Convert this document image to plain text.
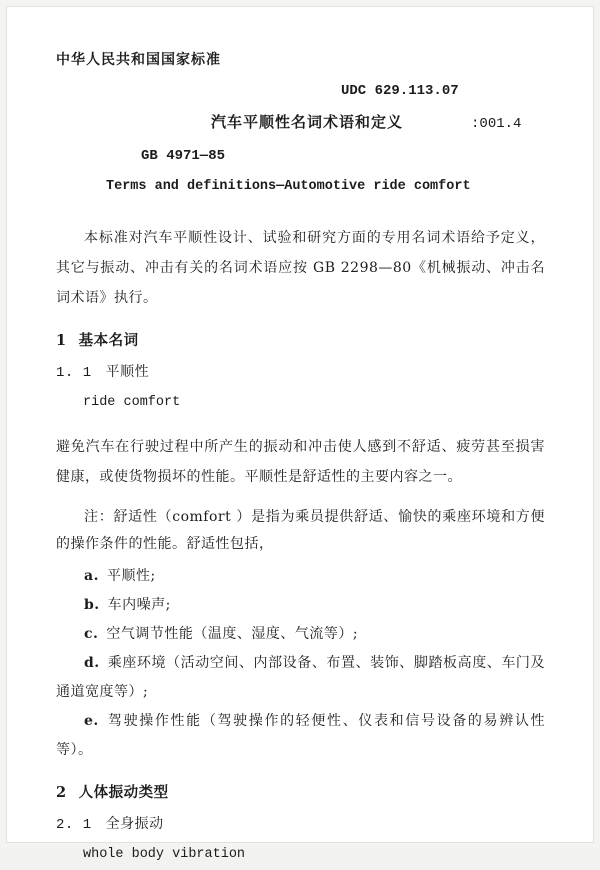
中华人民共和国国家标准
UDC 629.113.07
汽车平顺性名词术语和定义	:001.4
GB 4971—85
Terms and definitions—Automotive ride comfort

本标准对汽车平顺性设计、试验和研究方面的专用名词术语给予定义，其它与振动、冲击有关的名词术语应按 GB 2298—80《机械振动、冲击名词术语》执行。

1 基本名词
1. 1 平顺性

ride comfort

避免汽车在行驶过程中所产生的振动和冲击使人感到不舒适、疲劳甚至损害健康，或使货物损坏的性能。平顺性是舒适性的主要内容之一。

注：舒适性（comfort ）是指为乘员提供舒适、愉快的乘座环境和方便的操作条件的性能。舒适性包括，

a. 平顺性;

b. 车内噪声;

c. 空气调节性能（温度、湿度、气流等）;

d. 乘座环境（活动空间、内部设备、布置、装饰、脚踏板高度、车门及通道宽度等）;

e. 驾驶操作性能（驾驶操作的轻便性、仪表和信号设备的易辨认性等）。

2 人体振动类型
2. 1 全身振动

whole body vibration
